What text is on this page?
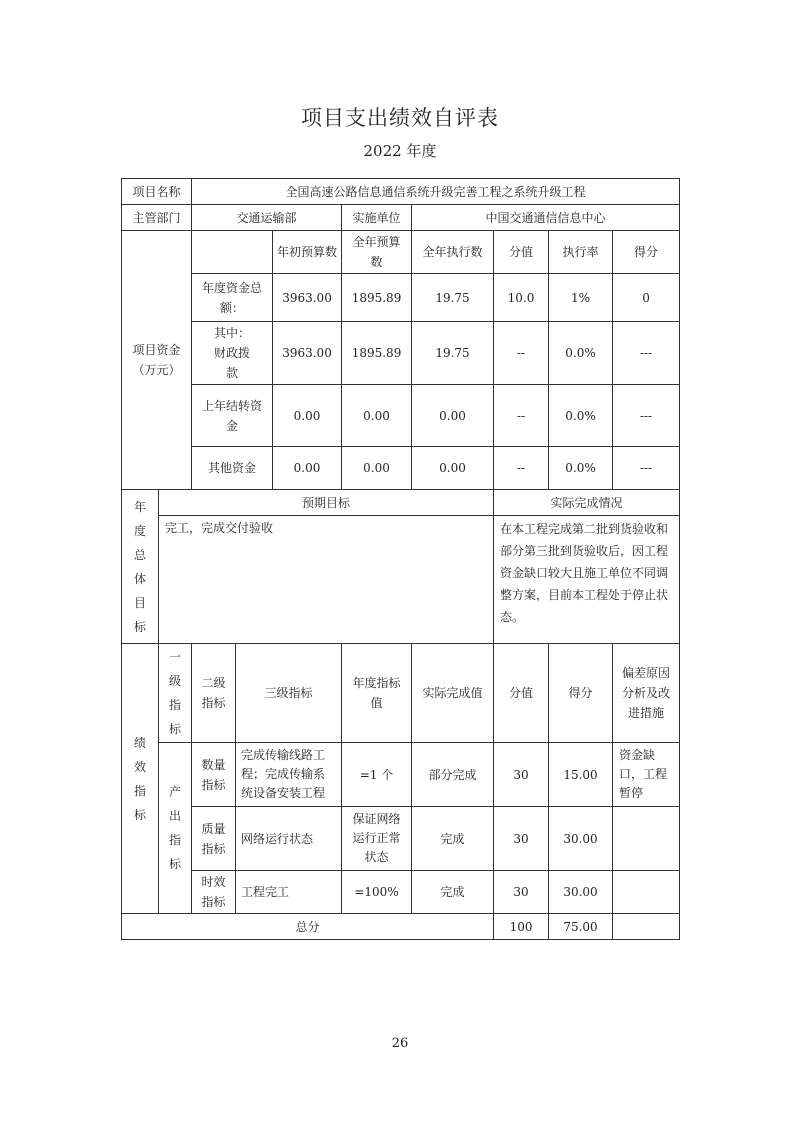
项目支出绩效自评表
2022 年度
项目名称		全国高速公路信息通信系统升级完善工程之系统升级工程							
主管部门		交通运输部			实施单位	中国交通通信信息中心			

项目资金（万元）				年初预算数	全年预算数	全年执行数	分值	执行率	得分

		年度资金总额：		3963.00	1895.89	19.75	10.0	1%	0

		其中：财政拨款		3963.00	1895.89	19.75	--	0.0%	---

		上年结转资金		0.00	0.00	0.00	--	0.0%	---
		其他资金		0.00	0.00	0.00	--	0.0%	---

年度总体目标	预期目标						实际完成情况		
	完工，完成交付验收						在本工程完成第二批到货验收和部分第三批到货验收后，因工程资金缺口较大且施工单位不同调整方案，目前本工程处于停止状态。		

绩效指标	一级指标	二级指标	三级指标		年度指标值	实际完成值	分值	得分	偏差原因分析及改进措施

	产出指标	数量指标	完成传输线路工程；完成传输系统设备安装工程		=1 个	部分完成	30	15.00	资金缺口，工程暂停

		质量指标	网络运行状态		保证网络运行正常状态	完成	30	30.00	

		时效指标	工程完工		=100%	完成	30	30.00	
总分							100	75.00	
26
